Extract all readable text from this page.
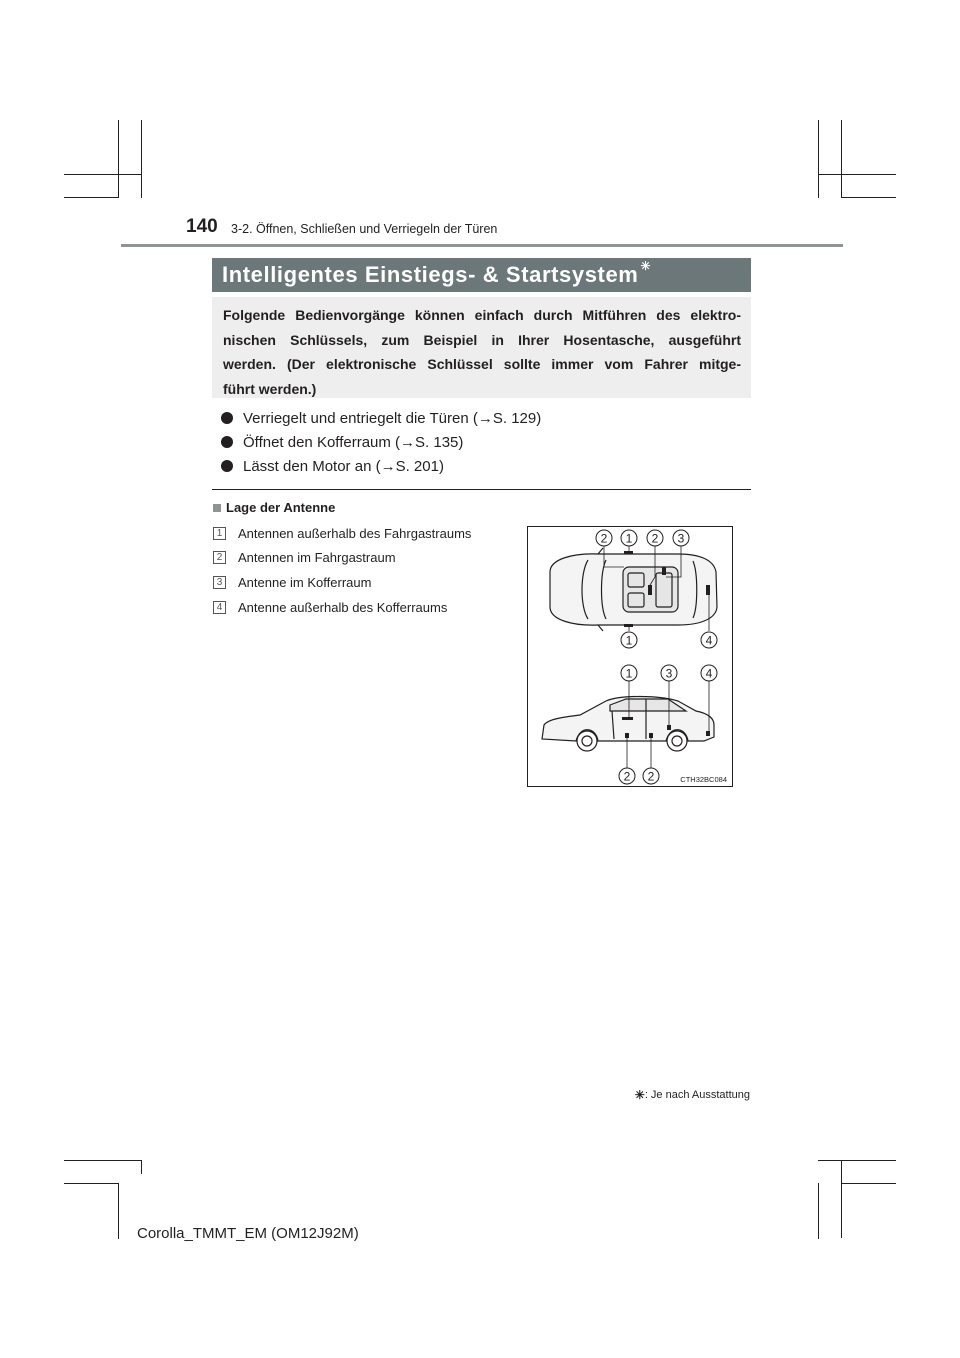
140 3-2. Öffnen, Schließen und Verriegeln der Türen
Intelligentes Einstiegs- & Startsystem ✳
Folgende Bedienvorgänge können einfach durch Mitführen des elektro-
nischen Schlüssels, zum Beispiel in Ihrer Hosentasche, ausgeführt
werden. (Der elektronische Schlüssel sollte immer vom Fahrer mitge-
führt werden.)
Verriegelt und entriegelt die Türen (→S. 129)
Öffnet den Kofferraum (→S. 135)
Lässt den Motor an (→S. 201)
Lage der Antenne
1 Antennen außerhalb des Fahrgastraums
2 Antennen im Fahrgastraum
3 Antenne im Kofferraum
4 Antenne außerhalb des Kofferraums
2 1 2 3
1	4
1	3	4
2 2	CTH32BC084
✳ : Je nach Ausstattung
Corolla_TMMT_EM (OM12J92M)
